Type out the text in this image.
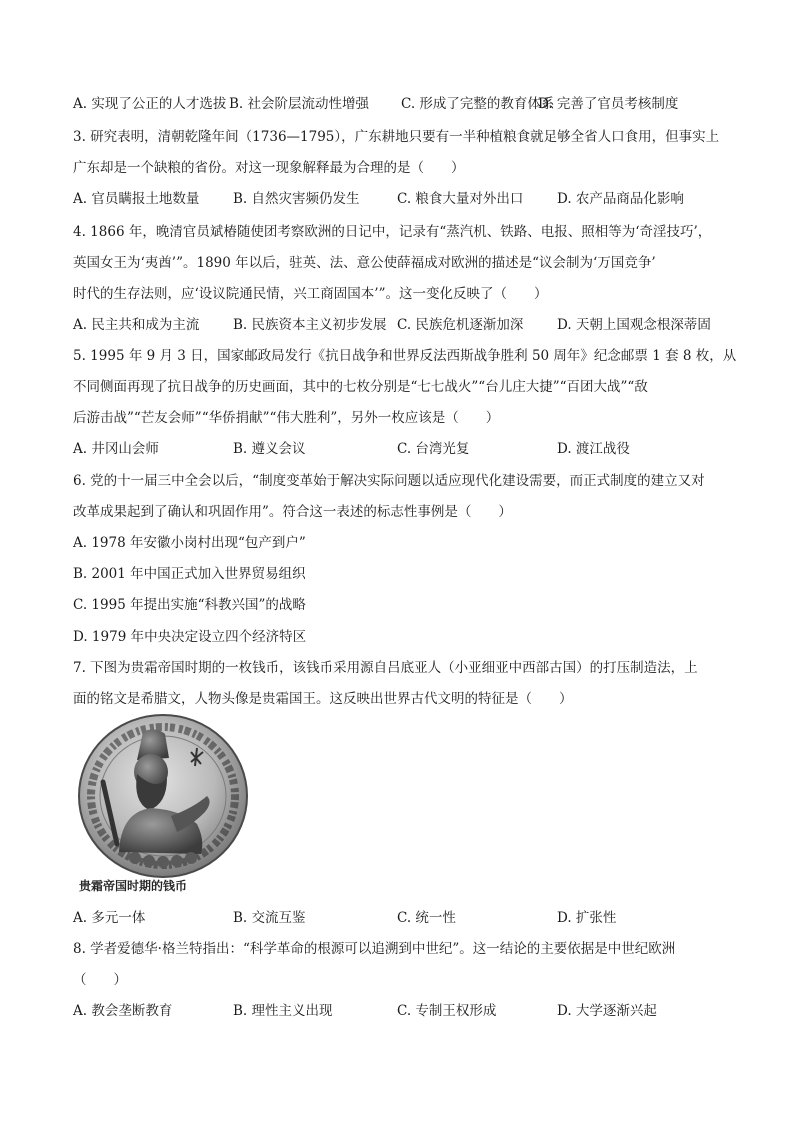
A. 实现了公正的人才选拔 B. 社会阶层流动性增强 C. 形成了完整的教育体系
D. 完善了官员考核制度
3. 研究表明，清朝乾隆年间（1736—1795），广东耕地只要有一半种植粮食就足够全省人口食用，但事实上
广东却是一个缺粮的省份。对这一现象解释最为合理的是（　　）
A. 官员瞒报土地数量 B. 自然灾害频仍发生	C. 粮食大量对外出口 D. 农产品商品化影响
4. 1866 年，晚清官员斌椿随使团考察欧洲的日记中，记录有“蒸汽机、铁路、电报、照相等为‘奇淫技巧’，
英国女王为‘夷酋’”。1890 年以后，驻英、法、意公使薛福成对欧洲的描述是“议会制为‘万国竞争’
时代的生存法则，应‘设议院通民情，兴工商固国本’”。这一变化反映了（　　）
A. 民主共和成为主流 B. 民族资本主义初步发展 C. 民族危机逐渐加深 D. 天朝上国观念根深蒂固
5. 1995 年 9 月 3 日，国家邮政局发行《抗日战争和世界反法西斯战争胜利 50 周年》纪念邮票 1 套 8 枚，从
不同侧面再现了抗日战争的历史画面，其中的七枚分别是“七七战火”“台儿庄大捷”“百团大战”“敌
后游击战”“芒友会师”“华侨捐献”“伟大胜利”，另外一枚应该是（　　）
A. 井冈山会师	B. 遵义会议	C. 台湾光复	D. 渡江战役
6. 党的十一届三中全会以后，“制度变革始于解决实际问题以适应现代化建设需要，而正式制度的建立又对
改革成果起到了确认和巩固作用”。符合这一表述的标志性事例是（　　）
A. 1978 年安徽小岗村出现“包产到户”
B. 2001 年中国正式加入世界贸易组织
C. 1995 年提出实施“科教兴国”的战略
D. 1979 年中央决定设立四个经济特区
7. 下图为贵霜帝国时期的一枚钱币，该钱币采用源自吕底亚人（小亚细亚中西部古国）的打压制造法，上
面的铭文是希腊文，人物头像是贵霜国王。这反映出世界古代文明的特征是（　　）
贵霜帝国时期的钱币
A. 多元一体	B. 交流互鉴	C. 统一性	D. 扩张性
8. 学者爱德华·格兰特指出：“科学革命的根源可以追溯到中世纪”。这一结论的主要依据是中世纪欧洲
（　　）
A. 教会垄断教育	B. 理性主义出现	C. 专制王权形成	D. 大学逐渐兴起
